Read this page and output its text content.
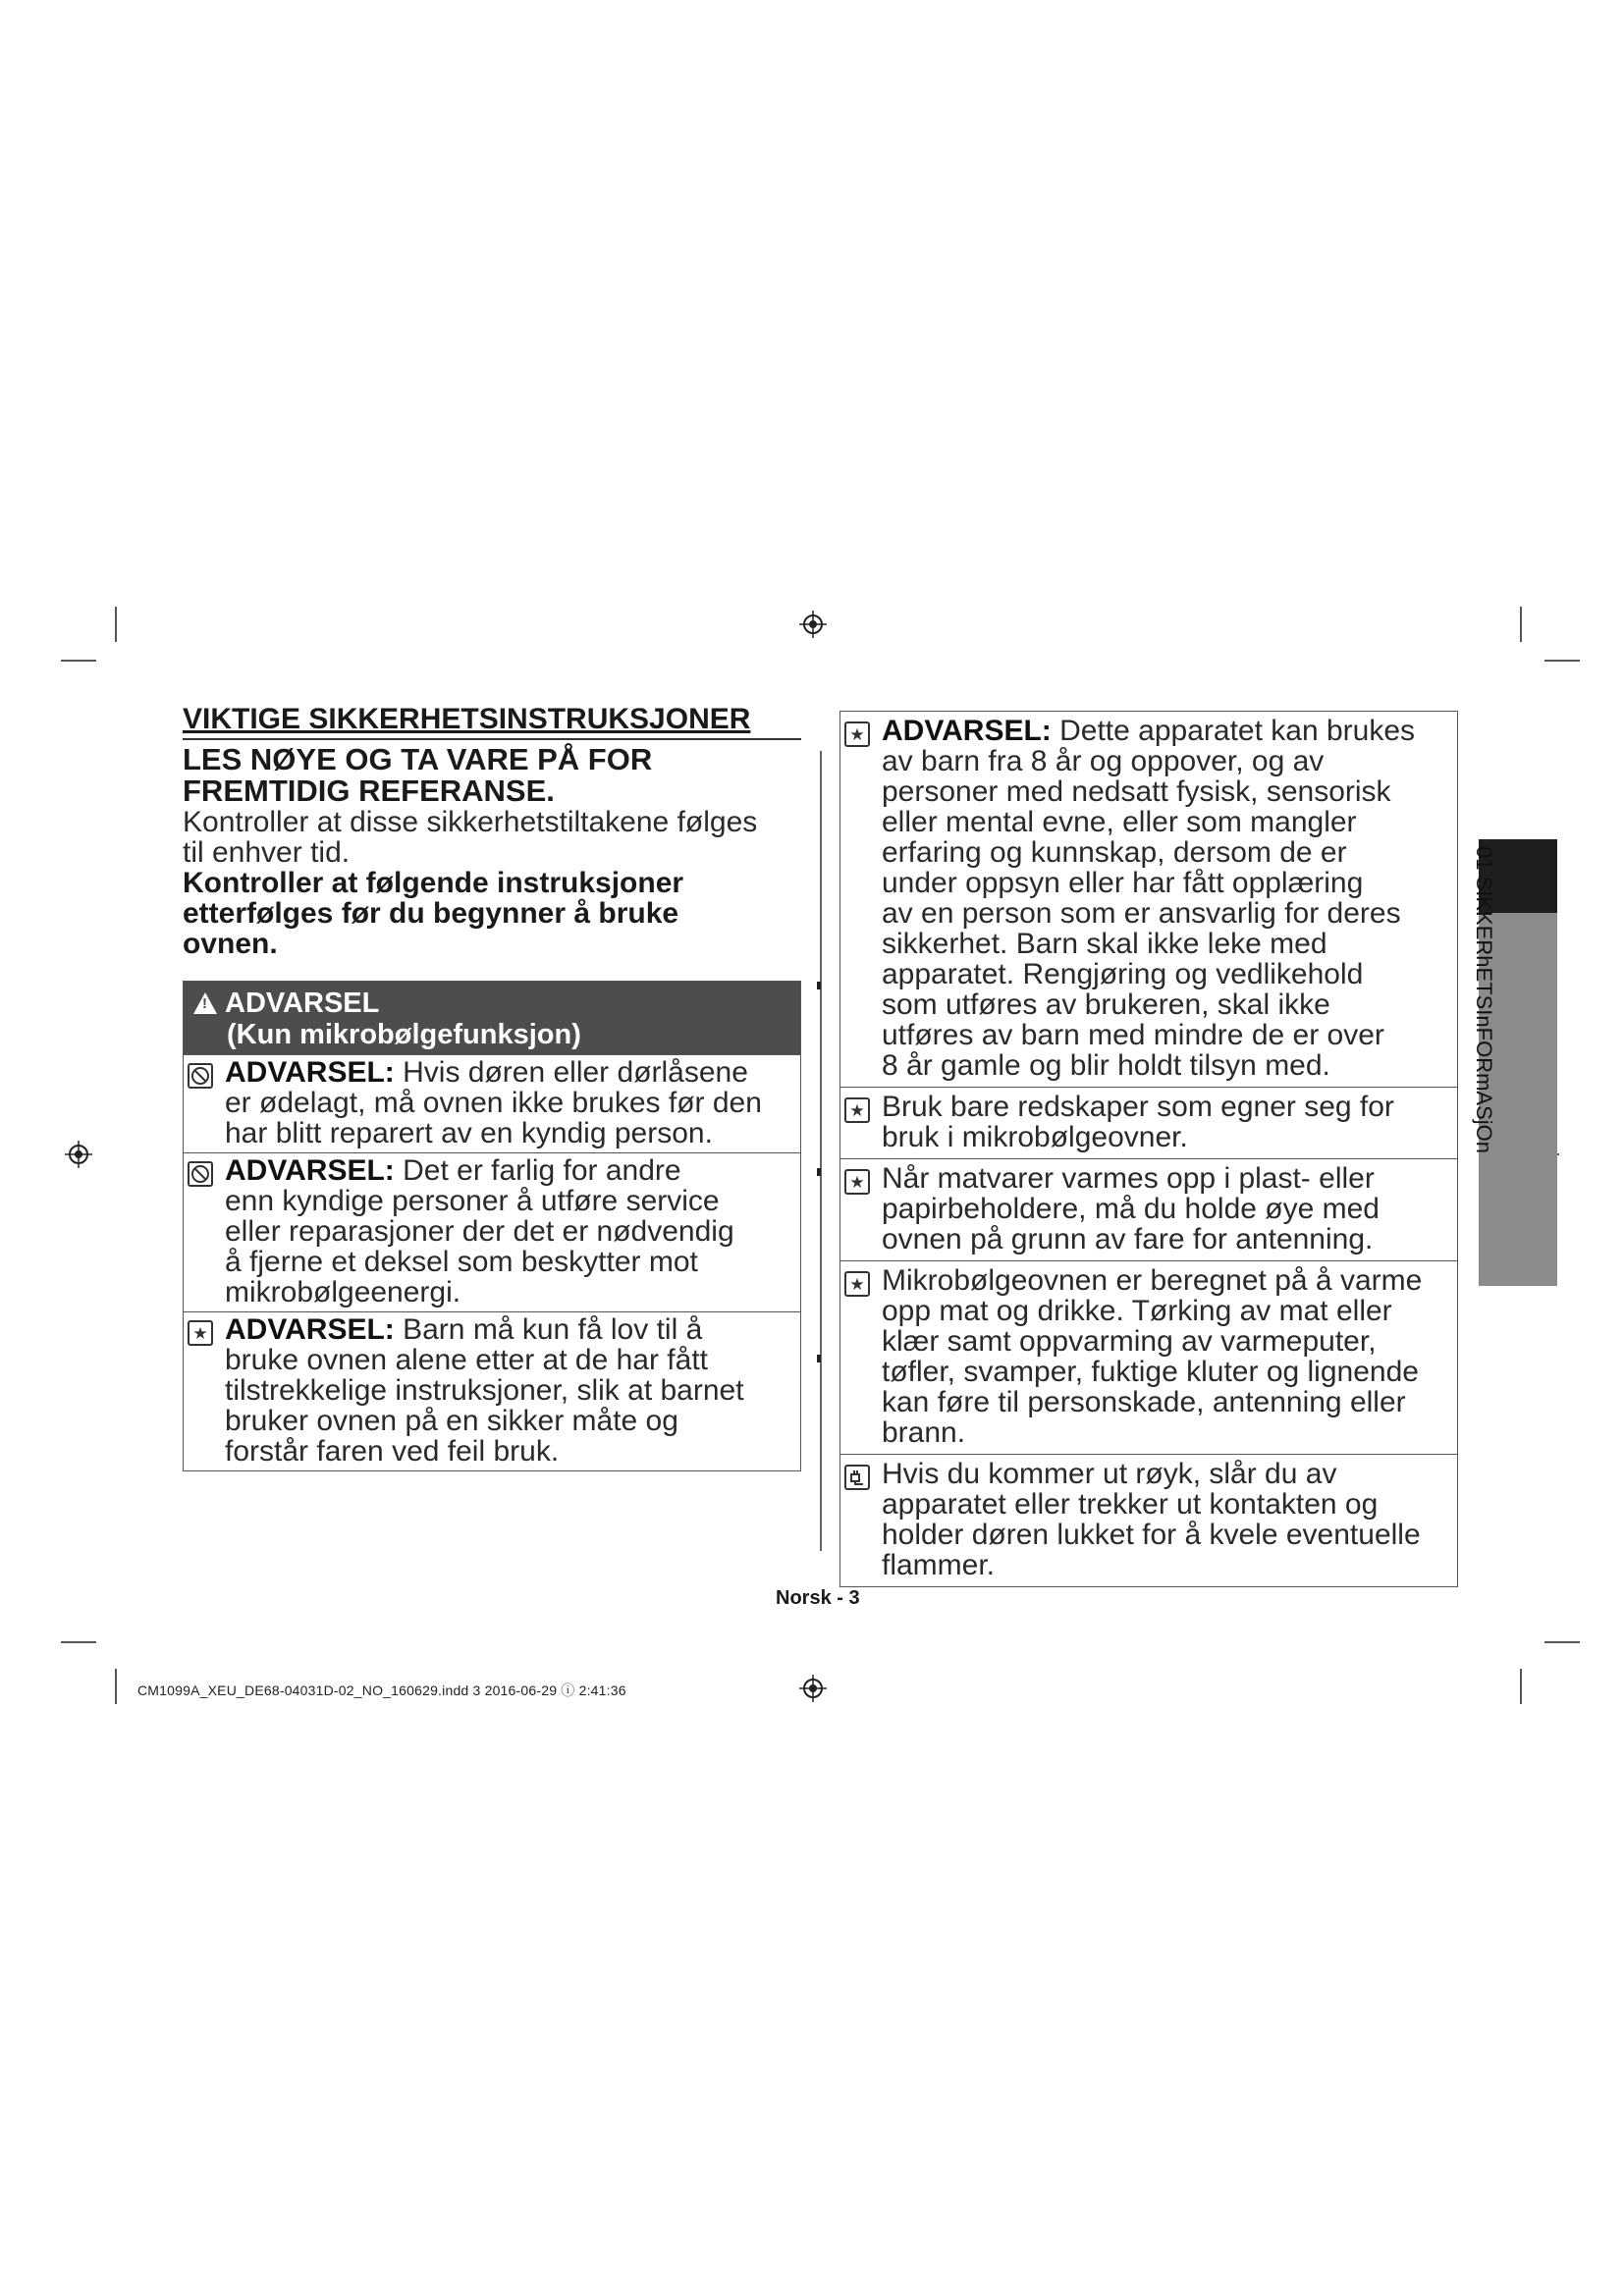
VIKTIGE SIKKERHETSINSTRUKSJONER
LES NØYE OG TA VARE PÅ FOR
FREMTIDIG REFERANSE.
Kontroller at disse sikkerhetstiltakene følges
til enhver tid.
Kontroller at følgende instruksjoner
etterfølges før du begynner å bruke
ovnen.
!ADVARSEL
(Kun mikrobølgefunksjon)
ADVARSEL: Hvis døren eller dørlåsene
er ødelagt, må ovnen ikke brukes før den
har blitt reparert av en kyndig person.
ADVARSEL: Det er farlig for andre
enn kyndige personer å utføre service
eller reparasjoner der det er nødvendig
å fjerne et deksel som beskytter mot
mikrobølgeenergi.
★ ADVARSEL: Barn må kun få lov til å
bruke ovnen alene etter at de har fått
tilstrekkelige instruksjoner, slik at barnet
bruker ovnen på en sikker måte og
forstår faren ved feil bruk.
★ ADVARSEL: Dette apparatet kan brukes
av barn fra 8 år og oppover, og av
personer med nedsatt fysisk, sensorisk
eller mental evne, eller som mangler
erfaring og kunnskap, dersom de er
under oppsyn eller har fått opplæring
av en person som er ansvarlig for deres
sikkerhet. Barn skal ikke leke med
apparatet. Rengjøring og vedlikehold
som utføres av brukeren, skal ikke
utføres av barn med mindre de er over
8 år gamle og blir holdt tilsyn med.
★ Bruk bare redskaper som egner seg for
bruk i mikrobølgeovner.
★ Når matvarer varmes opp i plast- eller
papirbeholdere, må du holde øye med
ovnen på grunn av fare for antenning.
★ Mikrobølgeovnen er beregnet på å varme
opp mat og drikke. Tørking av mat eller
klær samt oppvarming av varmeputer,
tøfler, svamper, fuktige kluter og lignende
kan føre til personskade, antenning eller
brann.
Hvis du kommer ut røyk, slår du av
apparatet eller trekker ut kontakten og
holder døren lukket for å kvele eventuelle
flammer.
01 SIKKERhETSInFORmASjOn
Norsk - 3
CM1099A_XEU_DE68-04031D-02_NO_160629.indd 3 2016-06-29 ⓘ 2:41:36
